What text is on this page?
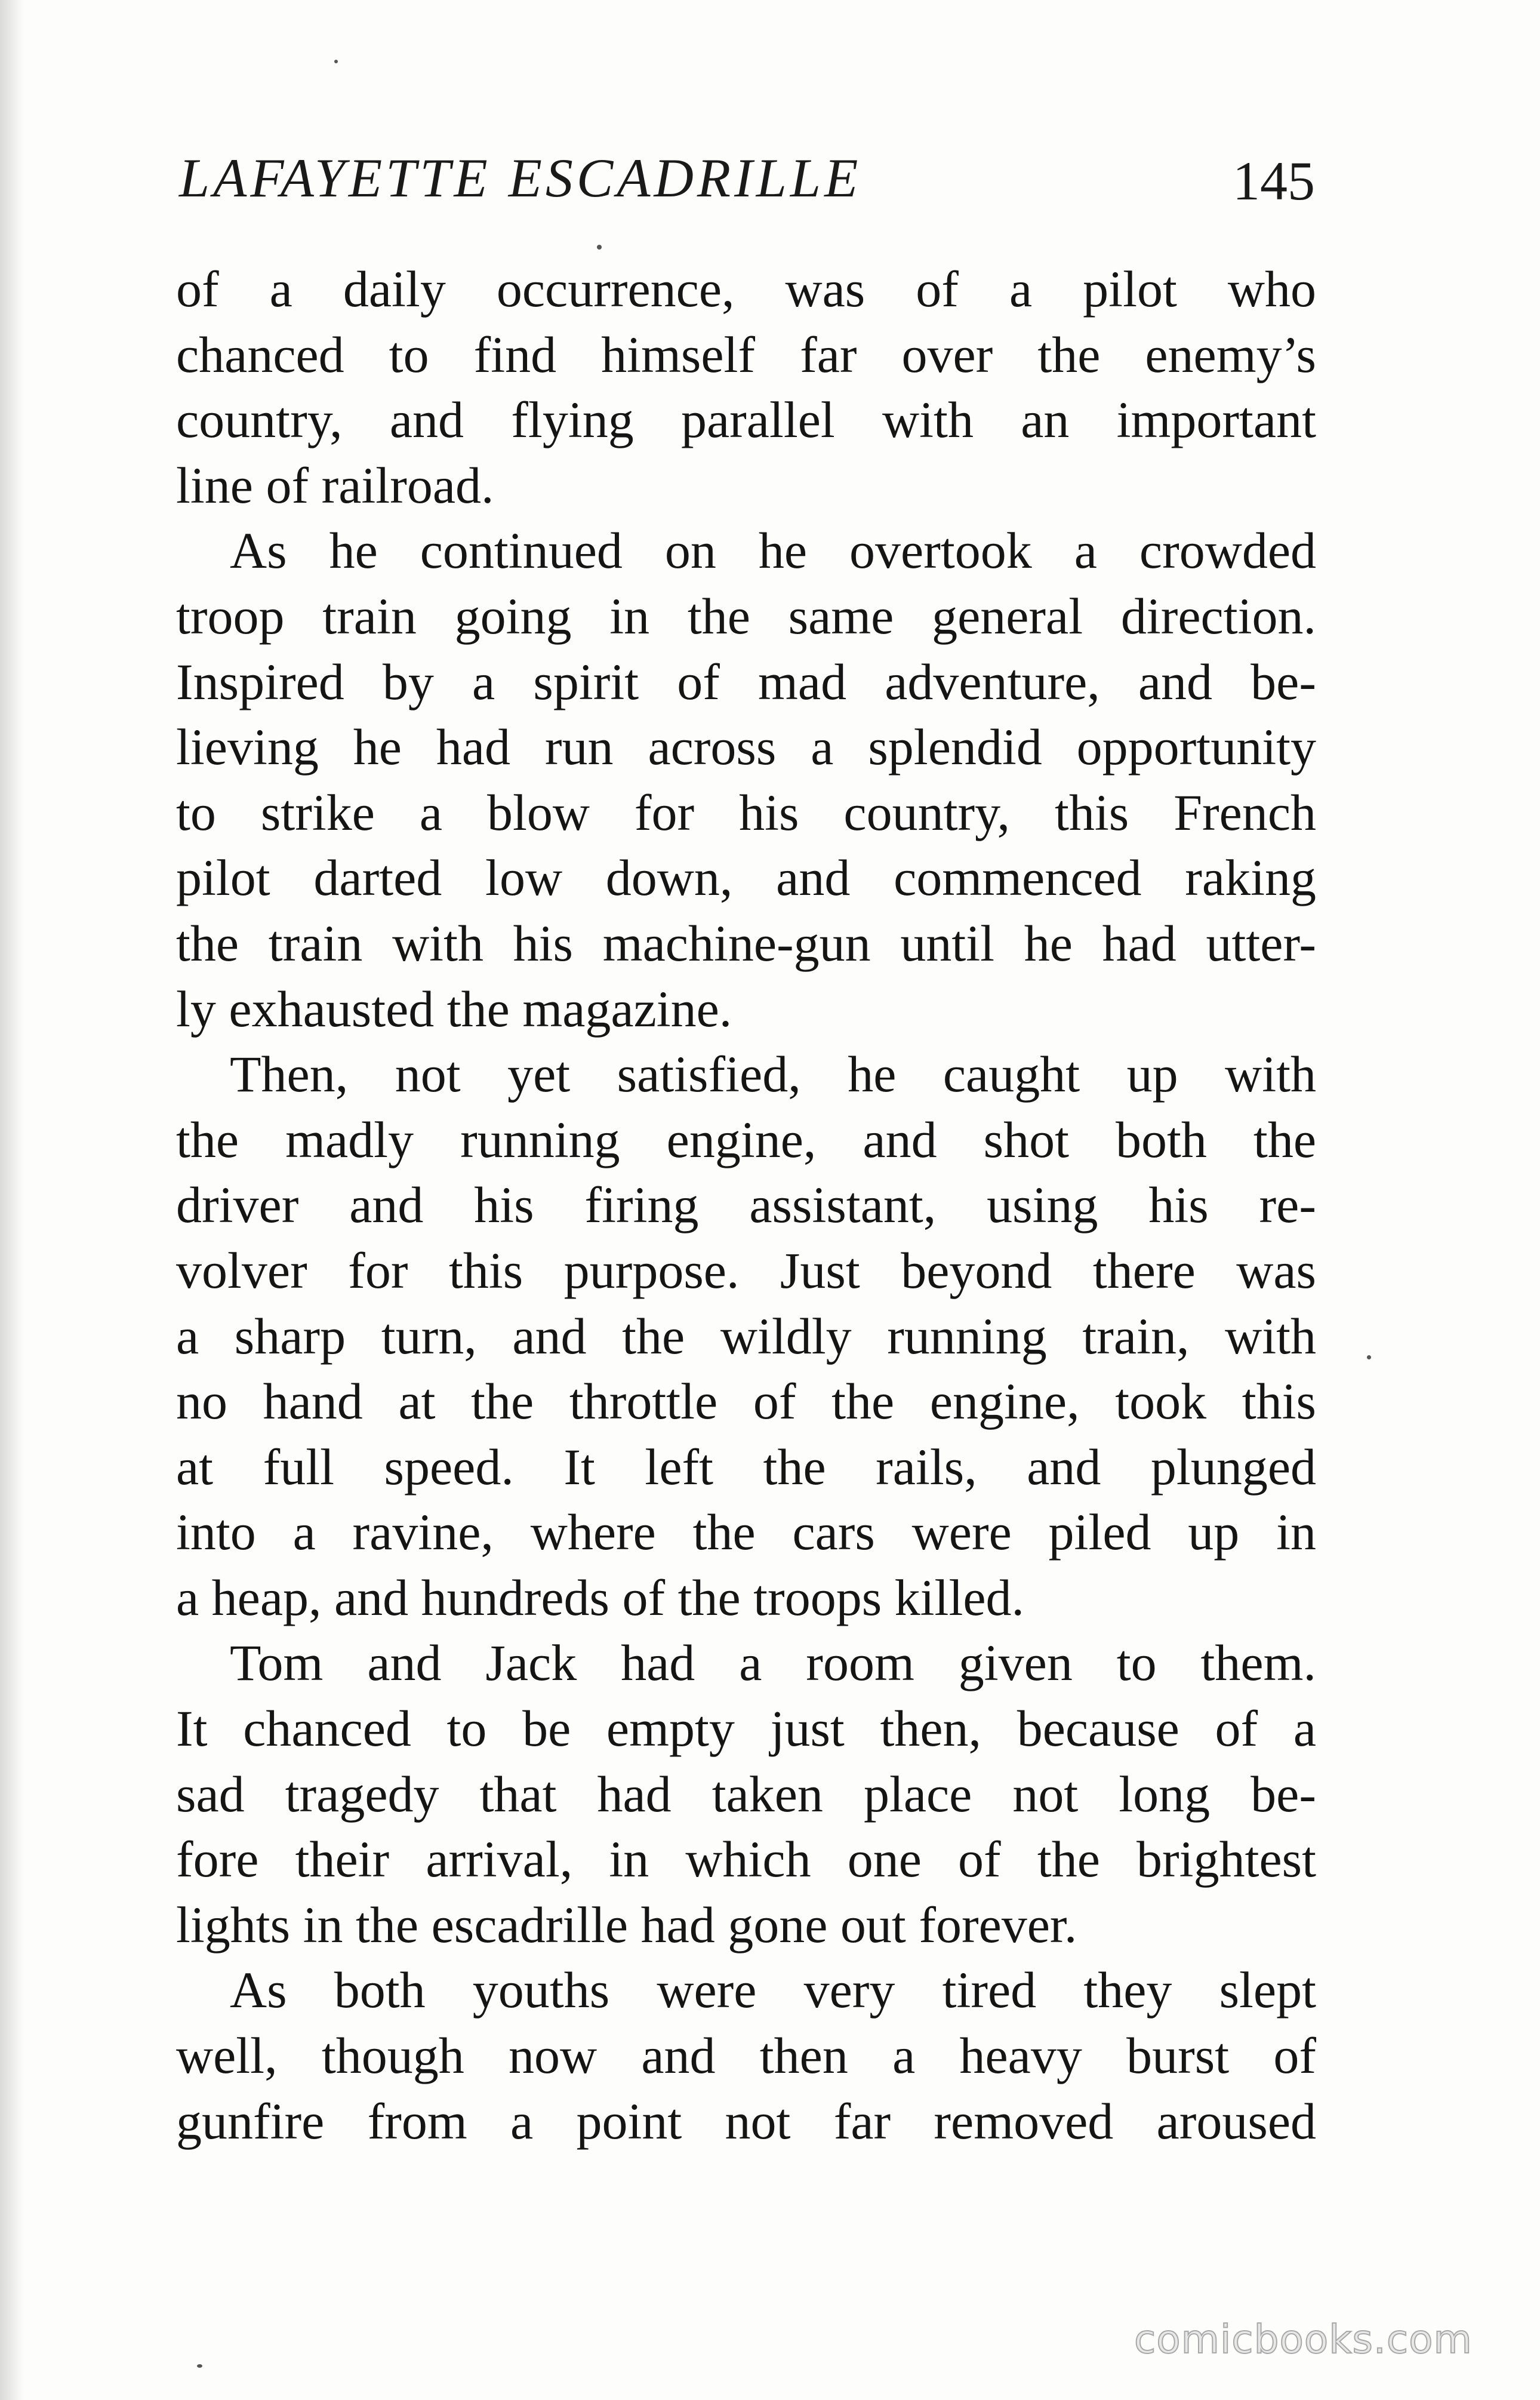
LAFAYETTE ESCADRILLE	145
of a daily occurrence, was of a pilot who
chanced to find himself far over the enemy’s
country, and flying parallel with an important
line of railroad.
As he continued on he overtook a crowded
troop train going in the same general direction.
Inspired by a spirit of mad adventure, and be-
lieving he had run across a splendid opportunity
to strike a blow for his country, this French
pilot darted low down, and commenced raking
the train with his machine-gun until he had utter-
ly exhausted the magazine.
Then, not yet satisfied, he caught up with
the madly running engine, and shot both the
driver and his firing assistant, using his re-
volver for this purpose. Just beyond there was
a sharp turn, and the wildly running train, with
no hand at the throttle of the engine, took this
at full speed. It left the rails, and plunged
into a ravine, where the cars were piled up in
a heap, and hundreds of the troops killed.
Tom and Jack had a room given to them.
It chanced to be empty just then, because of a
sad tragedy that had taken place not long be-
fore their arrival, in which one of the brightest
lights in the escadrille had gone out forever.
As both youths were very tired they slept
well, though now and then a heavy burst of
gunfire from a point not far removed aroused
comicbooks.com
